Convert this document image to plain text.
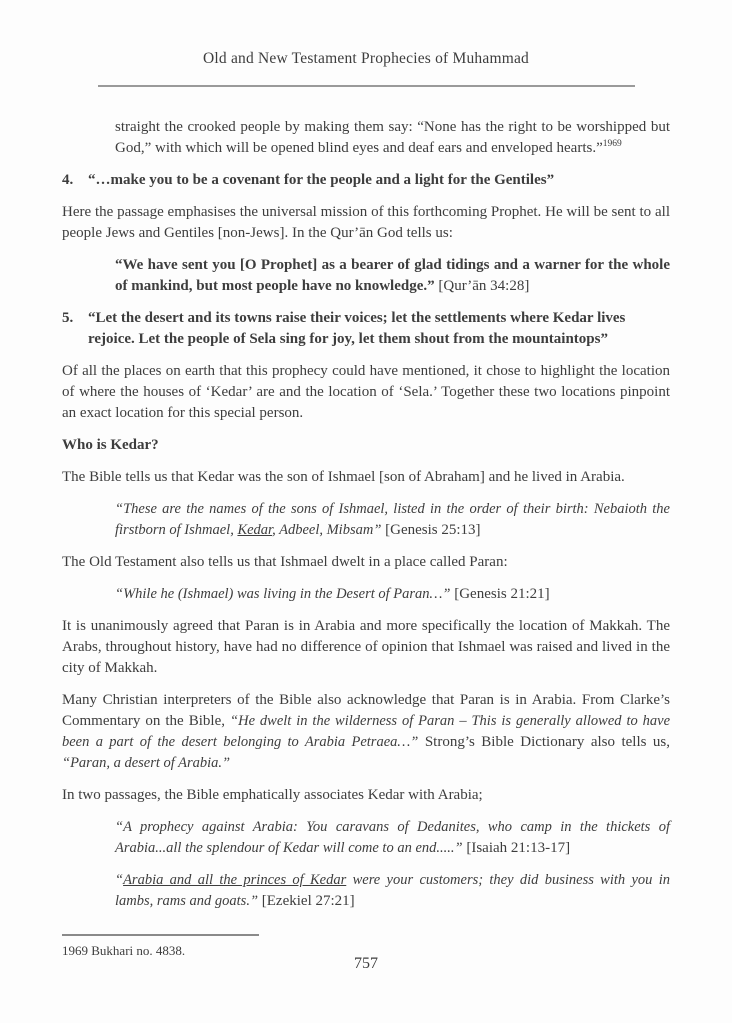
Old and New Testament Prophecies of Muhammad

straight the crooked people by making them say: “None has the right to be worshipped but God,” with which will be opened blind eyes and deaf ears and enveloped hearts.”$^{1969}$

4. “…make you to be a covenant for the people and a light for the Gentiles”

Here the passage emphasises the universal mission of this forthcoming Prophet. He will be sent to all people Jews and Gentiles [non-Jews]. In the Qur’ān God tells us:

“We have sent you [O Prophet] as a bearer of glad tidings and a warner for the whole of mankind, but most people have no knowledge.” [Qur’ān 34:28]

5. “Let the desert and its towns raise their voices; let the settlements where Kedar lives rejoice. Let the people of Sela sing for joy, let them shout from the mountaintops”

Of all the places on earth that this prophecy could have mentioned, it chose to highlight the location of where the houses of ‘Kedar’ are and the location of ‘Sela.’ Together these two locations pinpoint an exact location for this special person.

Who is Kedar?

The Bible tells us that Kedar was the son of Ishmael [son of Abraham] and he lived in Arabia.

“These are the names of the sons of Ishmael, listed in the order of their birth: Nebaioth the firstborn of Ishmael, Kedar, Adbeel, Mibsam” [Genesis 25:13]

The Old Testament also tells us that Ishmael dwelt in a place called Paran:

“While he (Ishmael) was living in the Desert of Paran…” [Genesis 21:21]

It is unanimously agreed that Paran is in Arabia and more specifically the location of Makkah. The Arabs, throughout history, have had no difference of opinion that Ishmael was raised and lived in the city of Makkah.

Many Christian interpreters of the Bible also acknowledge that Paran is in Arabia. From Clarke’s Commentary on the Bible, “He dwelt in the wilderness of Paran – This is generally allowed to have been a part of the desert belonging to Arabia Petraea…” Strong’s Bible Dictionary also tells us, “Paran, a desert of Arabia.”

In two passages, the Bible emphatically associates Kedar with Arabia;

“A prophecy against Arabia: You caravans of Dedanites, who camp in the thickets of Arabia...all the splendour of Kedar will come to an end.....” [Isaiah 21:13-17]

“Arabia and all the princes of Kedar were your customers; they did business with you in lambs, rams and goats.” [Ezekiel 27:21]

1969 Bukhari no. 4838.
757
